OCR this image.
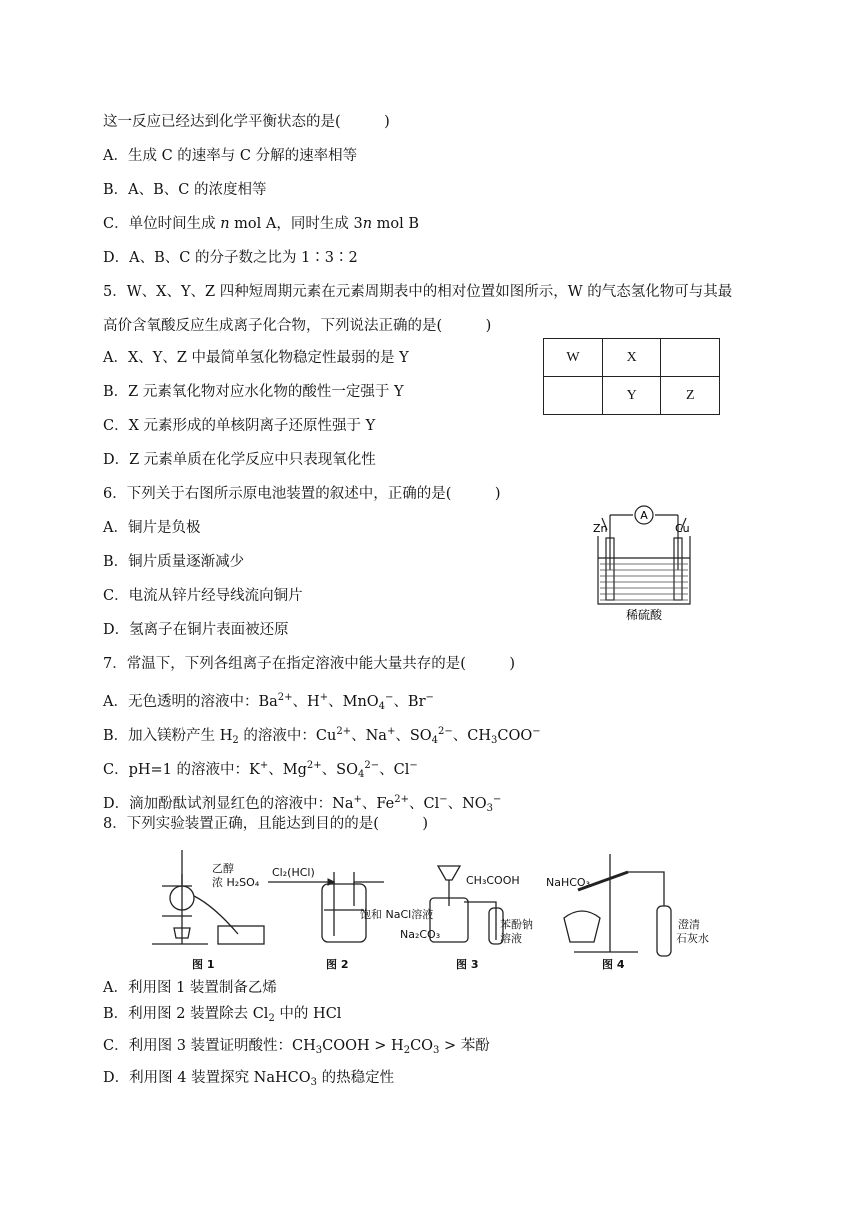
这一反应已经达到化学平衡状态的是(　　　)
A．生成 C 的速率与 C 分解的速率相等
B．A、B、C 的浓度相等
C．单位时间生成 n mol A，同时生成 3n mol B
D．A、B、C 的分子数之比为 1∶3∶2
5．W、X、Y、Z 四种短周期元素在元素周期表中的相对位置如图所示，W 的气态氢化物可与其最
高价含氧酸反应生成离子化合物，下列说法正确的是(　　　)
A．X、Y、Z 中最简单氢化物稳定性最弱的是 Y
B．Z 元素氧化物对应水化物的酸性一定强于 Y
C．X 元素形成的单核阴离子还原性强于 Y
D．Z 元素单质在化学反应中只表现氧化性
W	X	
	Y	Z
6．下列关于右图所示原电池装置的叙述中，正确的是(　　　)
A．铜片是负极
B．铜片质量逐渐减少
C．电流从锌片经导线流向铜片
D．氢离子在铜片表面被还原
A
Zn	Cu
稀硫酸
7．常温下，下列各组离子在指定溶液中能大量共存的是(　　　)
A．无色透明的溶液中：$Ba^{2+}$、H+、MnO$_4$−、Br−
B．加入镁粉产生 $H_2$ 的溶液中：$Cu^{2+}$、Na+、$SO_4^{2-}$、$CH_3COO^-$
C．pH=1 的溶液中：K+、$Mg^{2+}$、$SO_4^{2-}$、Cl−
D．滴加酚酞试剂显红色的溶液中：Na+、$Fe^{2+}$、Cl−、$NO_3^-$
8．下列实验装置正确，且能达到目的的是(　　　)
乙醇
浓 H₂SO₄
图 1
Cl₂(HCl)
饱和 NaCl溶液
图 2
CH₃COOH
Na₂CO₃
苯酚钠
溶液
图 3
NaHCO₃
澄清
石灰水
图 4
A．利用图 1 装置制备乙烯
B．利用图 2 装置除去 $Cl_2$ 中的 HCl
C．利用图 3 装置证明酸性：$CH_3COOH > H_2CO_3$ > 苯酚
D．利用图 4 装置探究 NaHCO$_3$ 的热稳定性
